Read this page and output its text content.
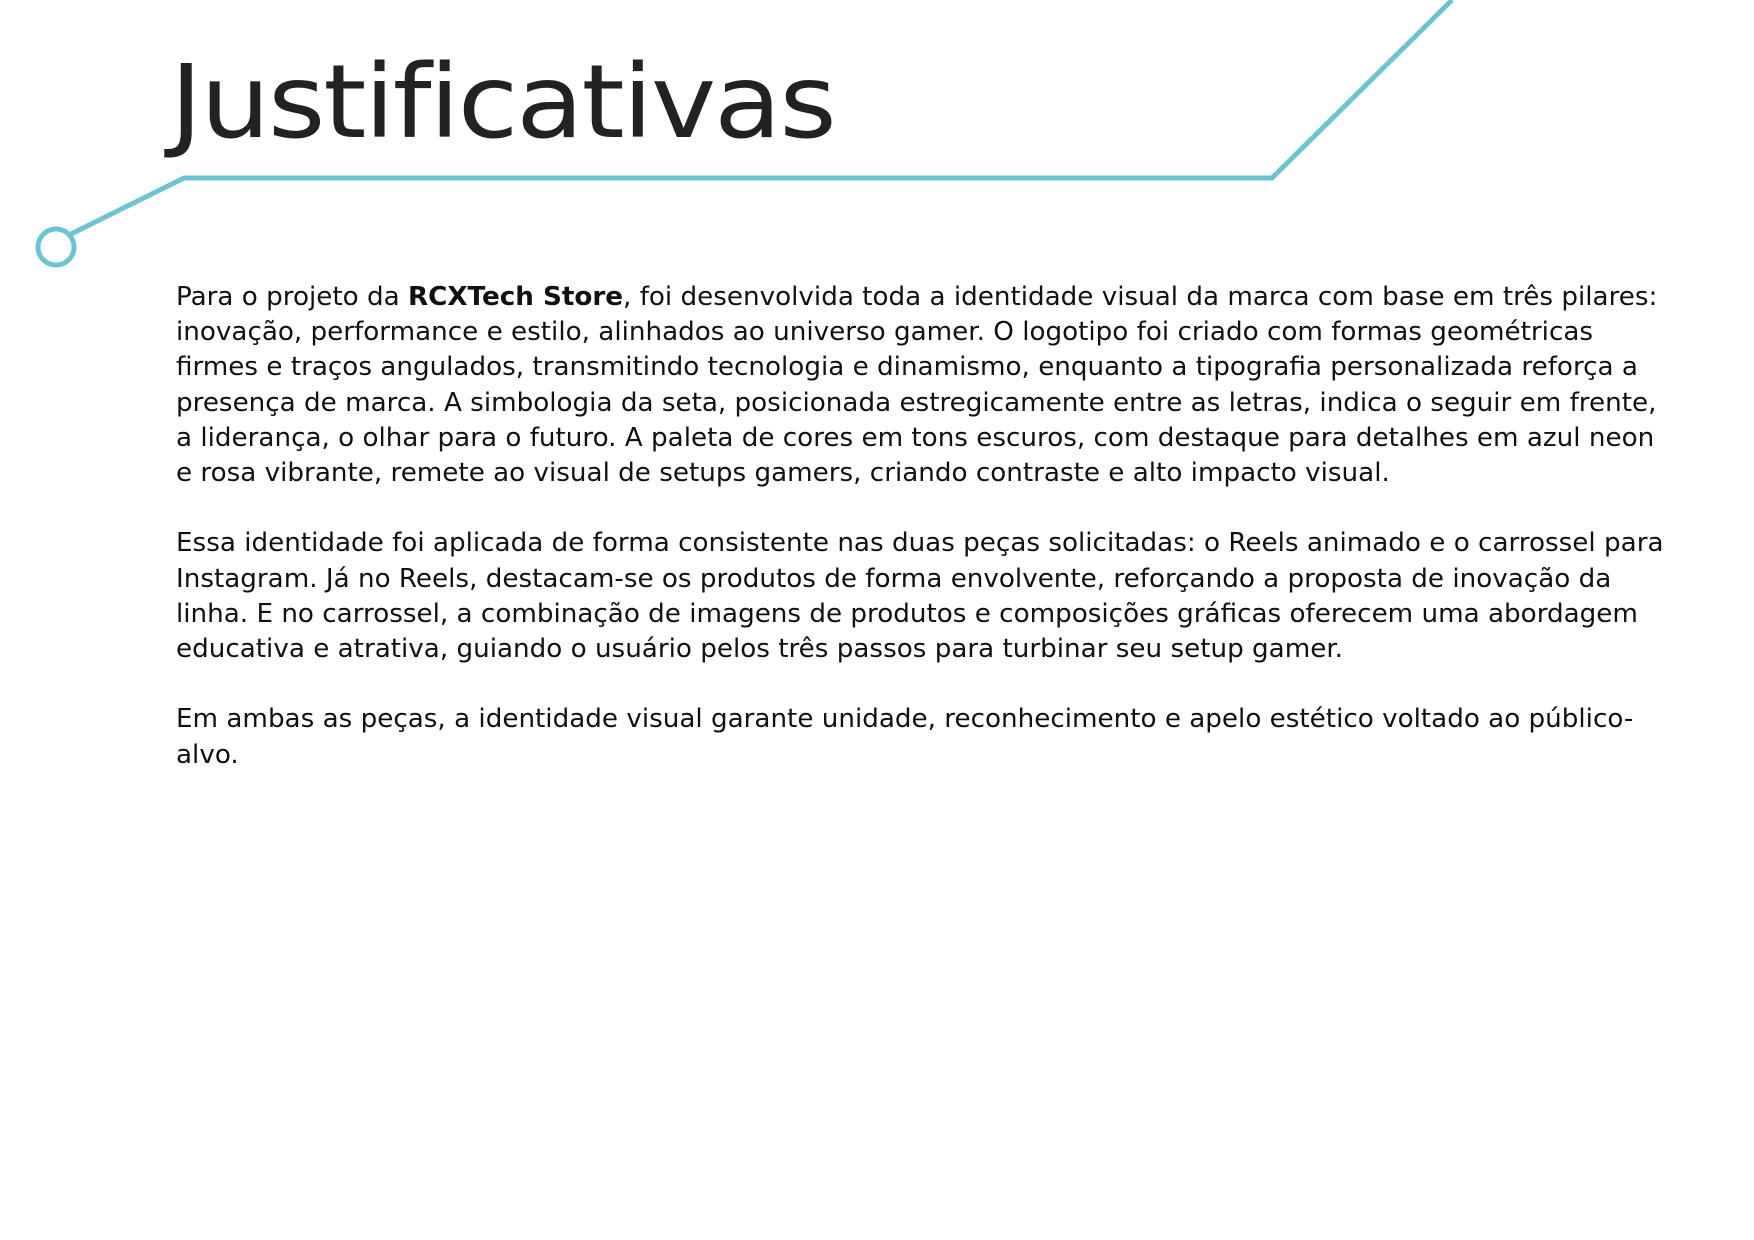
Justificativas

Para o projeto da RCXTech Store, foi desenvolvida toda a identidade visual da marca com base em três pilares: inovação, performance e estilo, alinhados ao universo gamer. O logotipo foi criado com formas geométricas firmes e traços angulados, transmitindo tecnologia e dinamismo, enquanto a tipografia personalizada reforça a presença de marca. A simbologia da seta, posicionada estregicamente entre as letras, indica o seguir em frente, a liderança, o olhar para o futuro. A paleta de cores em tons escuros, com destaque para detalhes em azul neon e rosa vibrante, remete ao visual de setups gamers, criando contraste e alto impacto visual.

Essa identidade foi aplicada de forma consistente nas duas peças solicitadas: o Reels animado e o carrossel para Instagram. Já no Reels, destacam-se os produtos de forma envolvente, reforçando a proposta de inovação da linha. E no carrossel, a combinação de imagens de produtos e composições gráficas oferecem uma abordagem educativa e atrativa, guiando o usuário pelos três passos para turbinar seu setup gamer.

Em ambas as peças, a identidade visual garante unidade, reconhecimento e apelo estético voltado ao público-alvo.
